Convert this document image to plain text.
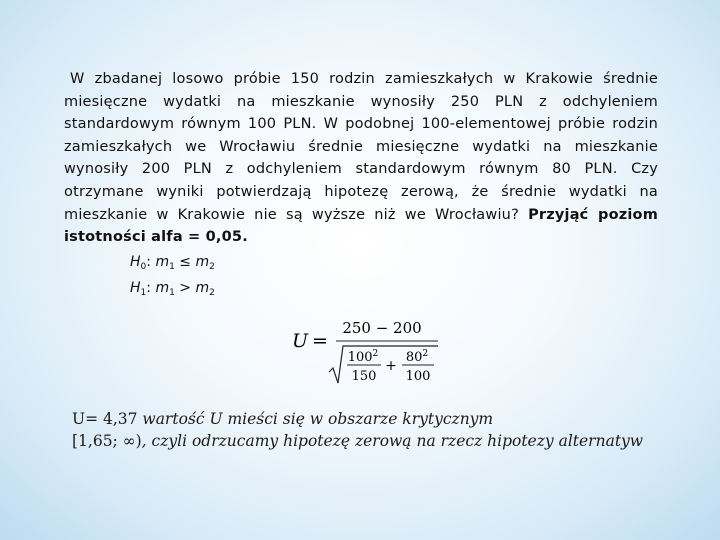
W zbadanej losowo próbie 150 rodzin zamieszkałych w Krakowie średnie miesięczne wydatki na mieszkanie wynosiły 250 PLN z odchyleniem standardowym równym 100 PLN. W podobnej 100-elementowej próbie rodzin zamieszkałych we Wrocławiu średnie miesięczne wydatki na mieszkanie wynosiły 200 PLN z odchyleniem standardowym równym 80 PLN. Czy otrzymane wyniki potwierdzają hipotezę zerową, że średnie wydatki na mieszkanie w Krakowie nie są wyższe niż we Wrocławiu? Przyjąć poziom istotności alfa = 0,05.
$H_0$: $m_1 \le m_2$
$H_1$: $m_1 > m_2$
U =
250 − 200
$100^2$
150
+
$80^2$
100
U= 4,37 wartość U mieści się w obszarze krytycznym
[1,65; ∞), czyli odrzucamy hipotezę zerową na rzecz hipotezy alternatyw
